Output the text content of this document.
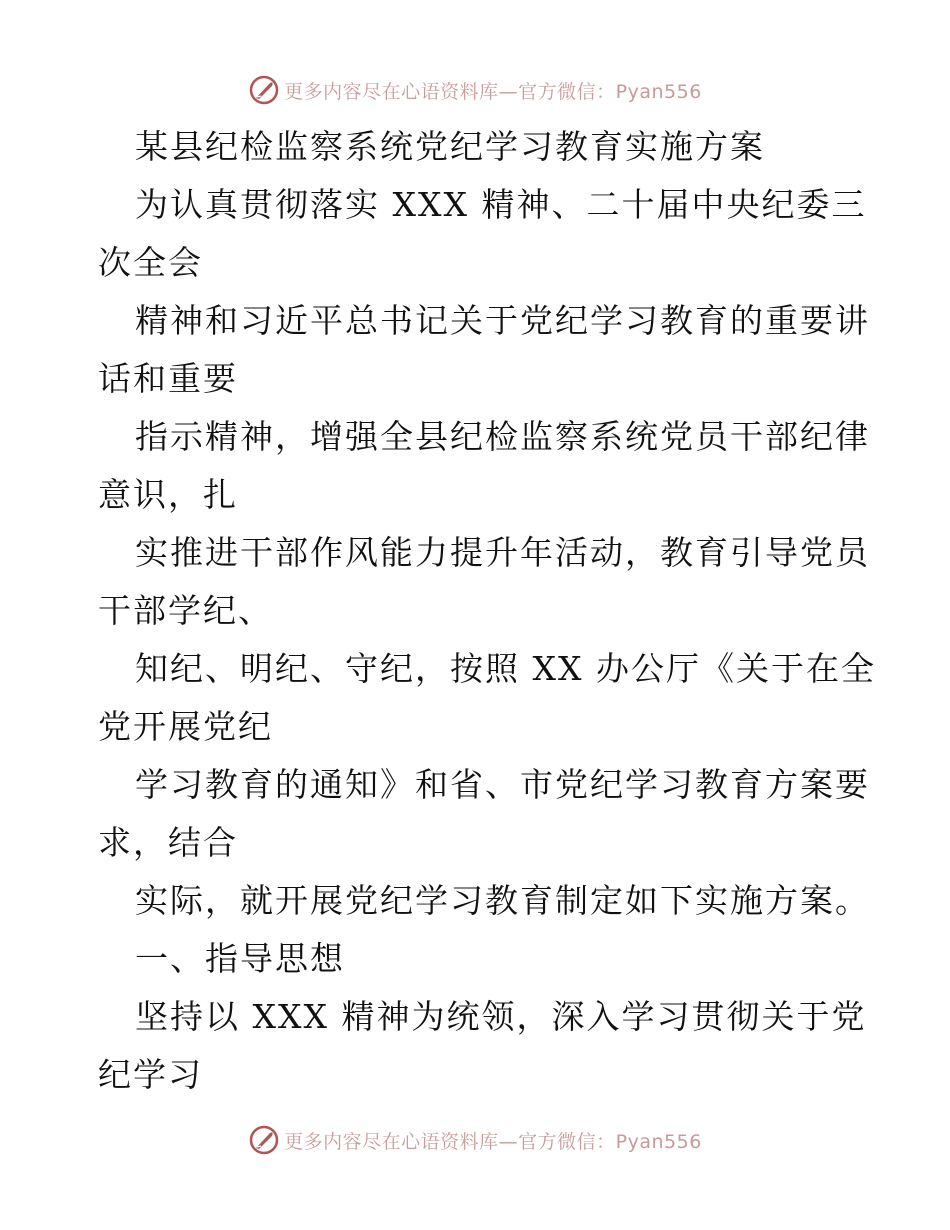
更多内容尽在心语资料库—官方微信：Pyan556
某县纪检监察系统党纪学习教育实施方案
为认真贯彻落实 XXX 精神、二十届中央纪委三
次全会
精神和习近平总书记关于党纪学习教育的重要讲
话和重要
指示精神，增强全县纪检监察系统党员干部纪律
意识，扎
实推进干部作风能力提升年活动，教育引导党员
干部学纪、
知纪、明纪、守纪，按照 XX 办公厅《关于在全
党开展党纪
学习教育的通知》和省、市党纪学习教育方案要
求，结合
实际，就开展党纪学习教育制定如下实施方案。
一、指导思想
坚持以 XXX 精神为统领，深入学习贯彻关于党
纪学习
更多内容尽在心语资料库—官方微信：Pyan556
